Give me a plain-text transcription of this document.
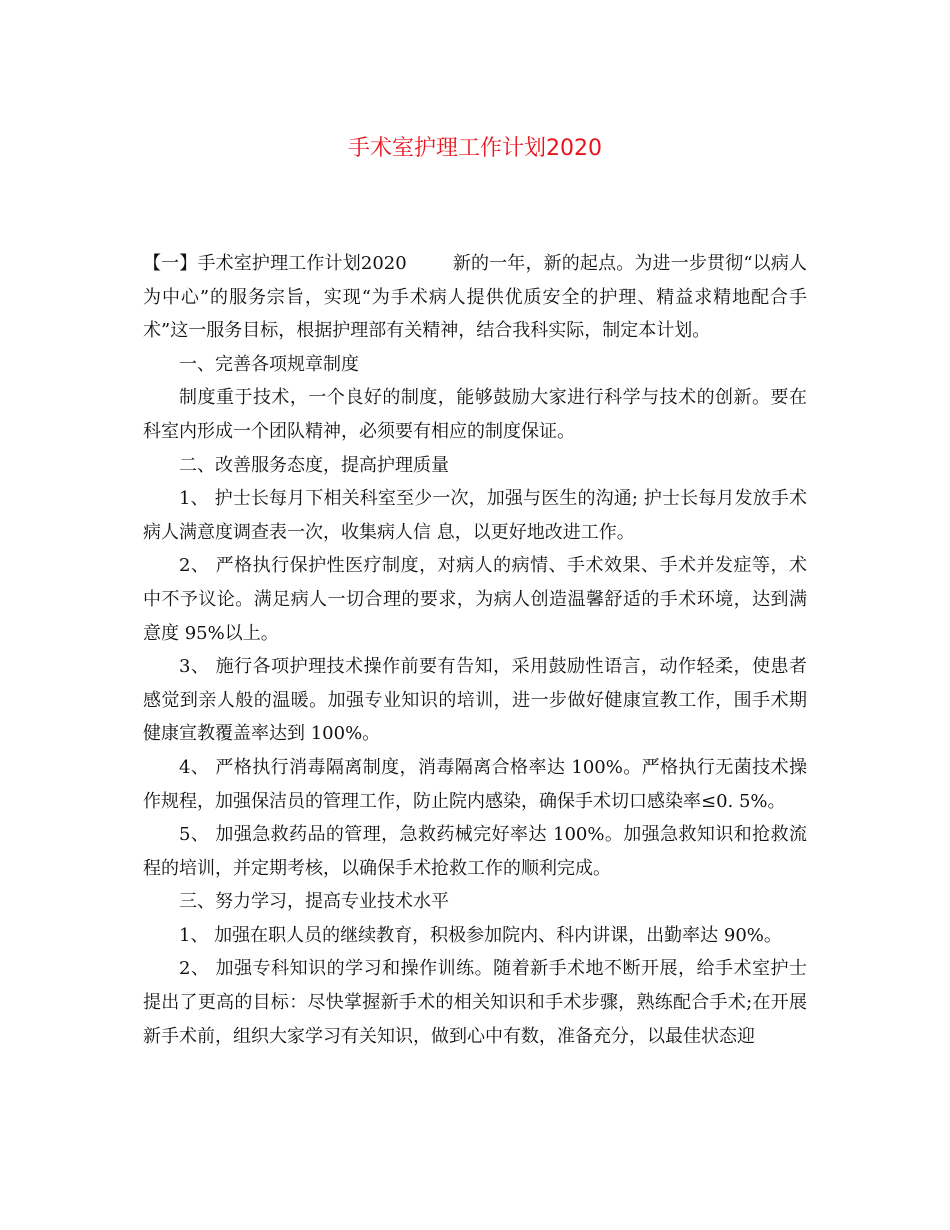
手术室护理工作计划2020

【一】手术室护理工作计划2020	新的一年，新的起点。为进一步贯彻“以病人为中心”的服务宗旨，实现“为手术病人提供优质安全的护理、精益求精地配合手术”这一服务目标，根据护理部有关精神，结合我科实际，制定本计划。

一、完善各项规章制度

制度重于技术，一个良好的制度，能够鼓励大家进行科学与技术的创新。要在科室内形成一个团队精神，必须要有相应的制度保证。

二、改善服务态度，提高护理质量

1、 护士长每月下相关科室至少一次，加强与医生的沟通; 护士长每月发放手术病人满意度调查表一次，收集病人信 息，以更好地改进工作。

2、 严格执行保护性医疗制度，对病人的病情、手术效果、手术并发症等，术中不予议论。满足病人一切合理的要求，为病人创造温馨舒适的手术环境，达到满意度 95%以上。

3、 施行各项护理技术操作前要有告知，采用鼓励性语言，动作轻柔，使患者感觉到亲人般的温暖。加强专业知识的培训，进一步做好健康宣教工作，围手术期健康宣教覆盖率达到 100%。

4、 严格执行消毒隔离制度，消毒隔离合格率达 100%。严格执行无菌技术操作规程，加强保洁员的管理工作，防止院内感染，确保手术切口感染率≤0. 5%。

5、 加强急救药品的管理，急救药械完好率达 100%。加强急救知识和抢救流程的培训，并定期考核，以确保手术抢救工作的顺利完成。

三、努力学习，提高专业技术水平

1、 加强在职人员的继续教育，积极参加院内、科内讲课，出勤率达 90%。

2、 加强专科知识的学习和操作训练。随着新手术地不断开展，给手术室护士提出了更高的目标：尽快掌握新手术的相关知识和手术步骤，熟练配合手术;在开展新手术前，组织大家学习有关知识，做到心中有数，准备充分，以最佳状态迎
